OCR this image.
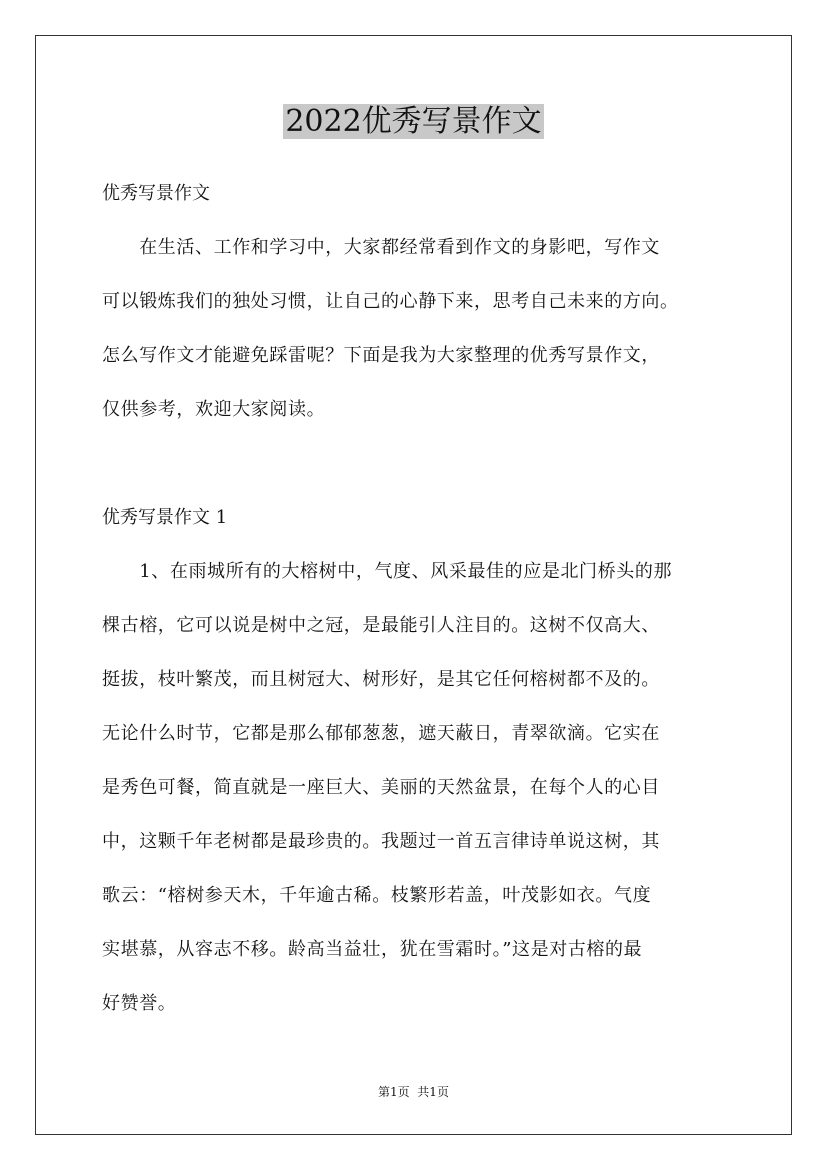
2022优秀写景作文

优秀写景作文

　　在生活、工作和学习中，大家都经常看到作文的身影吧，写作文

可以锻炼我们的独处习惯，让自己的心静下来，思考自己未来的方向。

怎么写作文才能避免踩雷呢？下面是我为大家整理的优秀写景作文，

仅供参考，欢迎大家阅读。

优秀写景作文 1

　　1、在雨城所有的大榕树中，气度、风采最佳的应是北门桥头的那

棵古榕，它可以说是树中之冠，是最能引人注目的。这树不仅高大、

挺拔，枝叶繁茂，而且树冠大、树形好，是其它任何榕树都不及的。

无论什么时节，它都是那么郁郁葱葱，遮天蔽日，青翠欲滴。它实在

是秀色可餐，简直就是一座巨大、美丽的天然盆景，在每个人的心目

中，这颗千年老树都是最珍贵的。我题过一首五言律诗单说这树，其

歌云：“榕树参天木，千年逾古稀。枝繁形若盖，叶茂影如衣。气度

实堪慕，从容志不移。龄高当益壮，犹在雪霜时。”这是对古榕的最

好赞誉。

第1页  共1页
